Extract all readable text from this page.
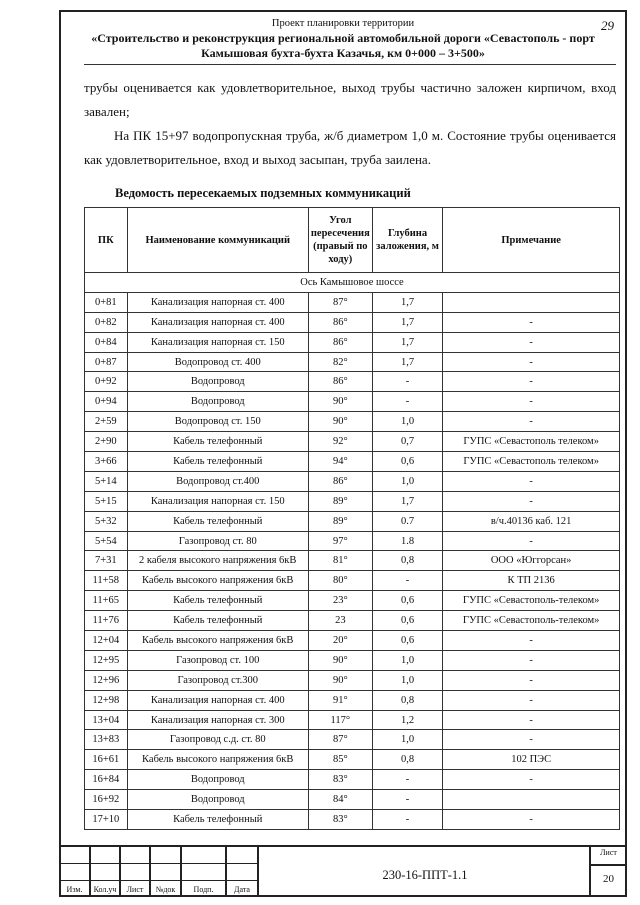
Проект планировки территории	29
«Строительство и реконструкция региональной автомобильной дороги «Севастополь - порт
Камышовая бухта-бухта Казачья, км 0+000 – 3+500»
трубы оценивается как удовлетворительное, выход трубы частично заложен кирпичом, вход завален;
На ПК 15+97 водопропускная труба, ж/б диаметром 1,0 м. Состояние трубы оценивается как удовлетворительное, вход и выход засыпан, труба заилена.
Ведомость пересекаемых подземных коммуникаций
ПК	Наименование коммуникаций	Угол пересечения (правый по ходу)	Глубина заложения, м	Примечание
Ось Камышовое шоссе				
0+81	Канализация напорная ст. 400	87°	1,7	
0+82	Канализация напорная ст. 400	86°	1,7	-
0+84	Канализация напорная ст. 150	86°	1,7	-
0+87	Водопровод ст. 400	82°	1,7	-
0+92	Водопровод	86°	-	-
0+94	Водопровод	90°	-	-
2+59	Водопровод ст. 150	90°	1,0	-
2+90	Кабель телефонный	92°	0,7	ГУПС «Севастополь телеком»
3+66	Кабель телефонный	94°	0,6	ГУПС «Севастополь телеком»
5+14	Водопровод ст.400	86°	1,0	-
5+15	Канализация напорная ст. 150	89°	1,7	-
5+32	Кабель телефонный	89°	0.7	в/ч.40136 каб. 121
5+54	Газопровод ст. 80	97°	1.8	-
7+31	2 кабеля высокого напряжения 6кВ	81°	0,8	ООО «Юггорсан»
11+58	Кабель высокого напряжения 6кВ	80°	-	К ТП 2136
11+65	Кабель телефонный	23°	0,6	ГУПС «Севастополь-телеком»
11+76	Кабель телефонный	23	0,6	ГУПС «Севастополь-телеком»
12+04	Кабель высокого напряжения 6кВ	20°	0,6	-
12+95	Газопровод ст. 100	90°	1,0	-
12+96	Газопровод ст.300	90°	1,0	-
12+98	Канализация напорная ст. 400	91°	0,8	-
13+04	Канализация напорная ст. 300	117°	1,2	-
13+83	Газопровод с.д. ст. 80	87°	1,0	-
16+61	Кабель высокого напряжения 6кВ	85°	0,8	102 ПЭС
16+84	Водопровод	83°	-	-
16+92	Водопровод	84°	-	
17+10	Кабель телефонный	83°	-	-
Изм.	Кол.уч	Лист	№док	Подп.	Дата
Лист
20
230-16-ППТ-1.1
